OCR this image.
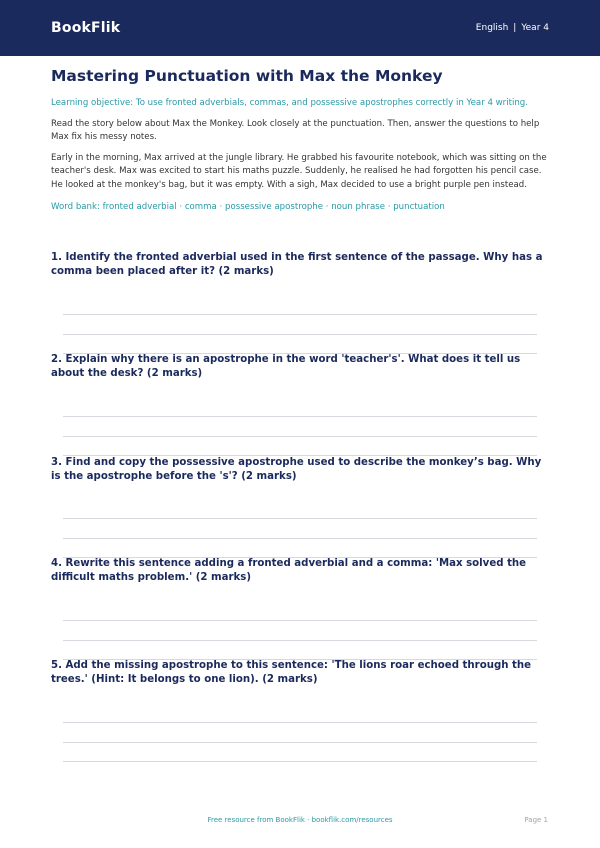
BookFlik	English | Year 4
Mastering Punctuation with Max the Monkey
Learning objective: To use fronted adverbials, commas, and possessive apostrophes correctly in Year 4 writing.
Read the story below about Max the Monkey. Look closely at the punctuation. Then, answer the questions to help Max fix his messy notes.
Early in the morning, Max arrived at the jungle library. He grabbed his favourite notebook, which was sitting on the teacher's desk. Max was excited to start his maths puzzle. Suddenly, he realised he had forgotten his pencil case. He looked at the monkey's bag, but it was empty. With a sigh, Max decided to use a bright purple pen instead.
Word bank: fronted adverbial · comma · possessive apostrophe · noun phrase · punctuation
1. Identify the fronted adverbial used in the first sentence of the passage. Why has a comma been placed after it? (2 marks)
2. Explain why there is an apostrophe in the word 'teacher's'. What does it tell us about the desk? (2 marks)
3. Find and copy the possessive apostrophe used to describe the monkey’s bag. Why is the apostrophe before the 's'? (2 marks)
4. Rewrite this sentence adding a fronted adverbial and a comma: 'Max solved the difficult maths problem.' (2 marks)
5. Add the missing apostrophe to this sentence: 'The lions roar echoed through the trees.' (Hint: It belongs to one lion). (2 marks)
Free resource from BookFlik · bookflik.com/resources	Page 1
